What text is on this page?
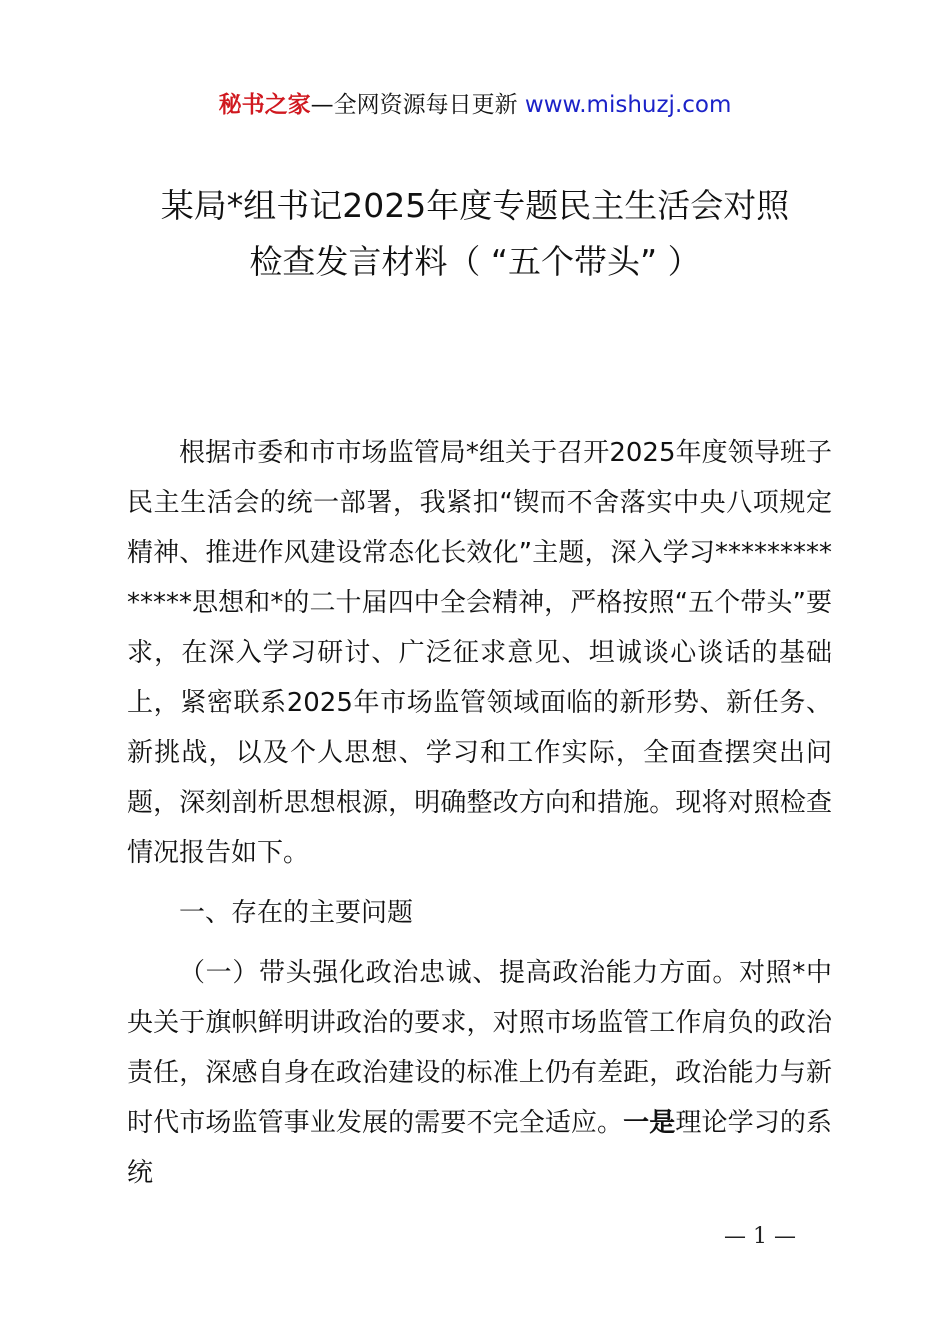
秘书之家—全网资源每日更新 www.mishuzj.com
某局*组书记2025年度专题民主生活会对照
检查发言材料（ “五个带头” ）

根据市委和市市场监管局*组关于召开2025年度领导班子民主生活会的统一部署，我紧扣“锲而不舍落实中央八项规定精神、推进作风建设常态化长效化”主题，深入学习**************思想和*的二十届四中全会精神，严格按照“五个带头”要求，在深入学习研讨、广泛征求意见、坦诚谈心谈话的基础上，紧密联系2025年市场监管领域面临的新形势、新任务、新挑战，以及个人思想、学习和工作实际，全面查摆突出问题，深刻剖析思想根源，明确整改方向和措施。现将对照检查情况报告如下。

一、存在的主要问题

（一）带头强化政治忠诚、提高政治能力方面。对照*中央关于旗帜鲜明讲政治的要求，对照市场监管工作肩负的政治责任，深感自身在政治建设的标准上仍有差距，政治能力与新时代市场监管事业发展的需要不完全适应。一是理论学习的系统

— 1 —
